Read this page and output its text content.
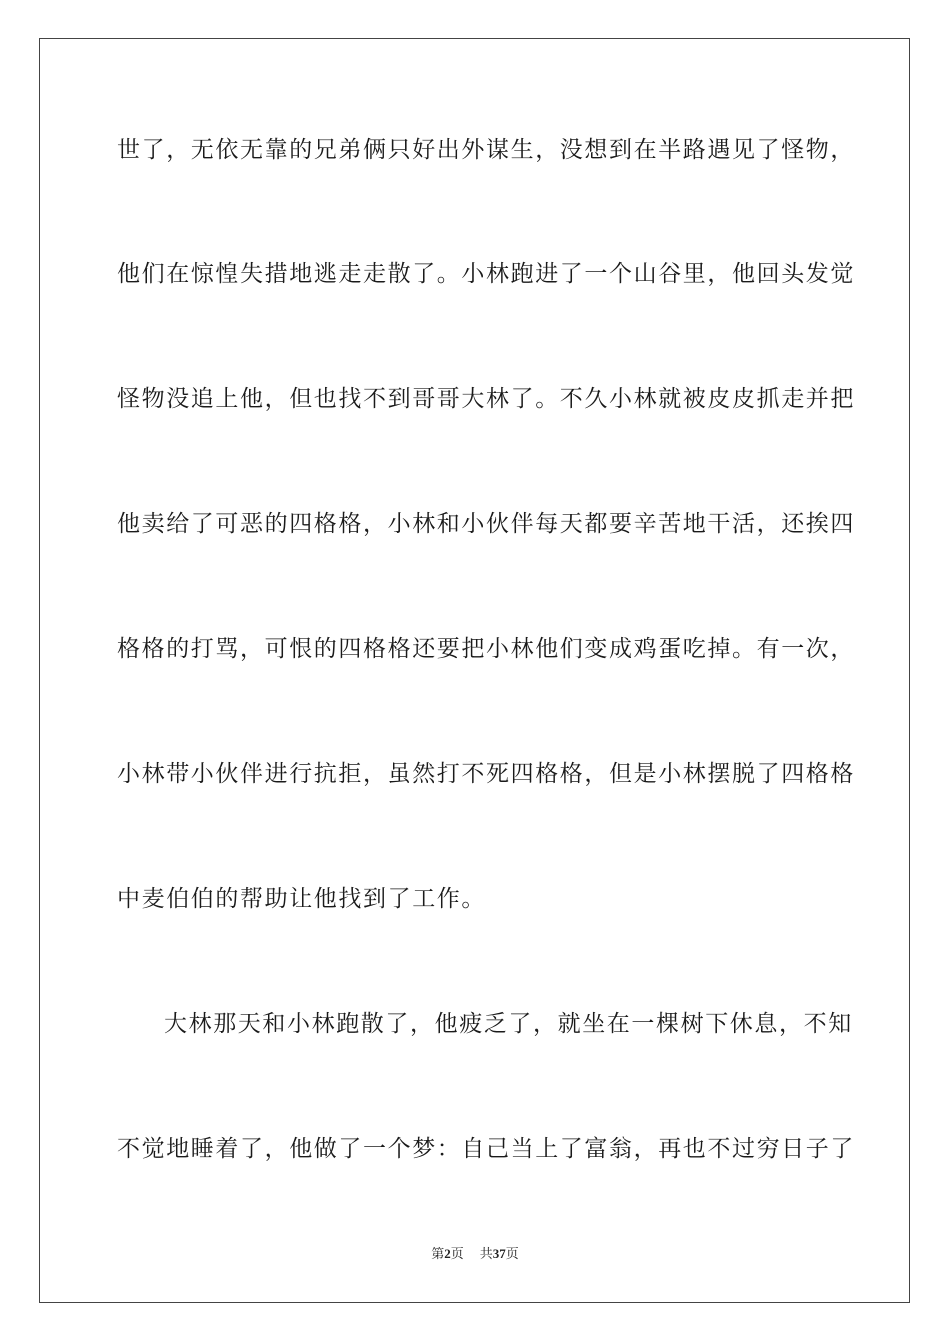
世了，无依无靠的兄弟俩只好出外谋生，没想到在半路遇见了怪物，
他们在惊惶失措地逃走走散了。小林跑进了一个山谷里，他回头发觉
怪物没追上他，但也找不到哥哥大林了。不久小林就被皮皮抓走并把
他卖给了可恶的四格格，小林和小伙伴每天都要辛苦地干活，还挨四
格格的打骂，可恨的四格格还要把小林他们变成鸡蛋吃掉。有一次，
小林带小伙伴进行抗拒，虽然打不死四格格，但是小林摆脱了四格格
中麦伯伯的帮助让他找到了工作。
大林那天和小林跑散了，他疲乏了，就坐在一棵树下休息，不知
不觉地睡着了，他做了一个梦：自己当上了富翁，再也不过穷日子了
第2页 共37页
